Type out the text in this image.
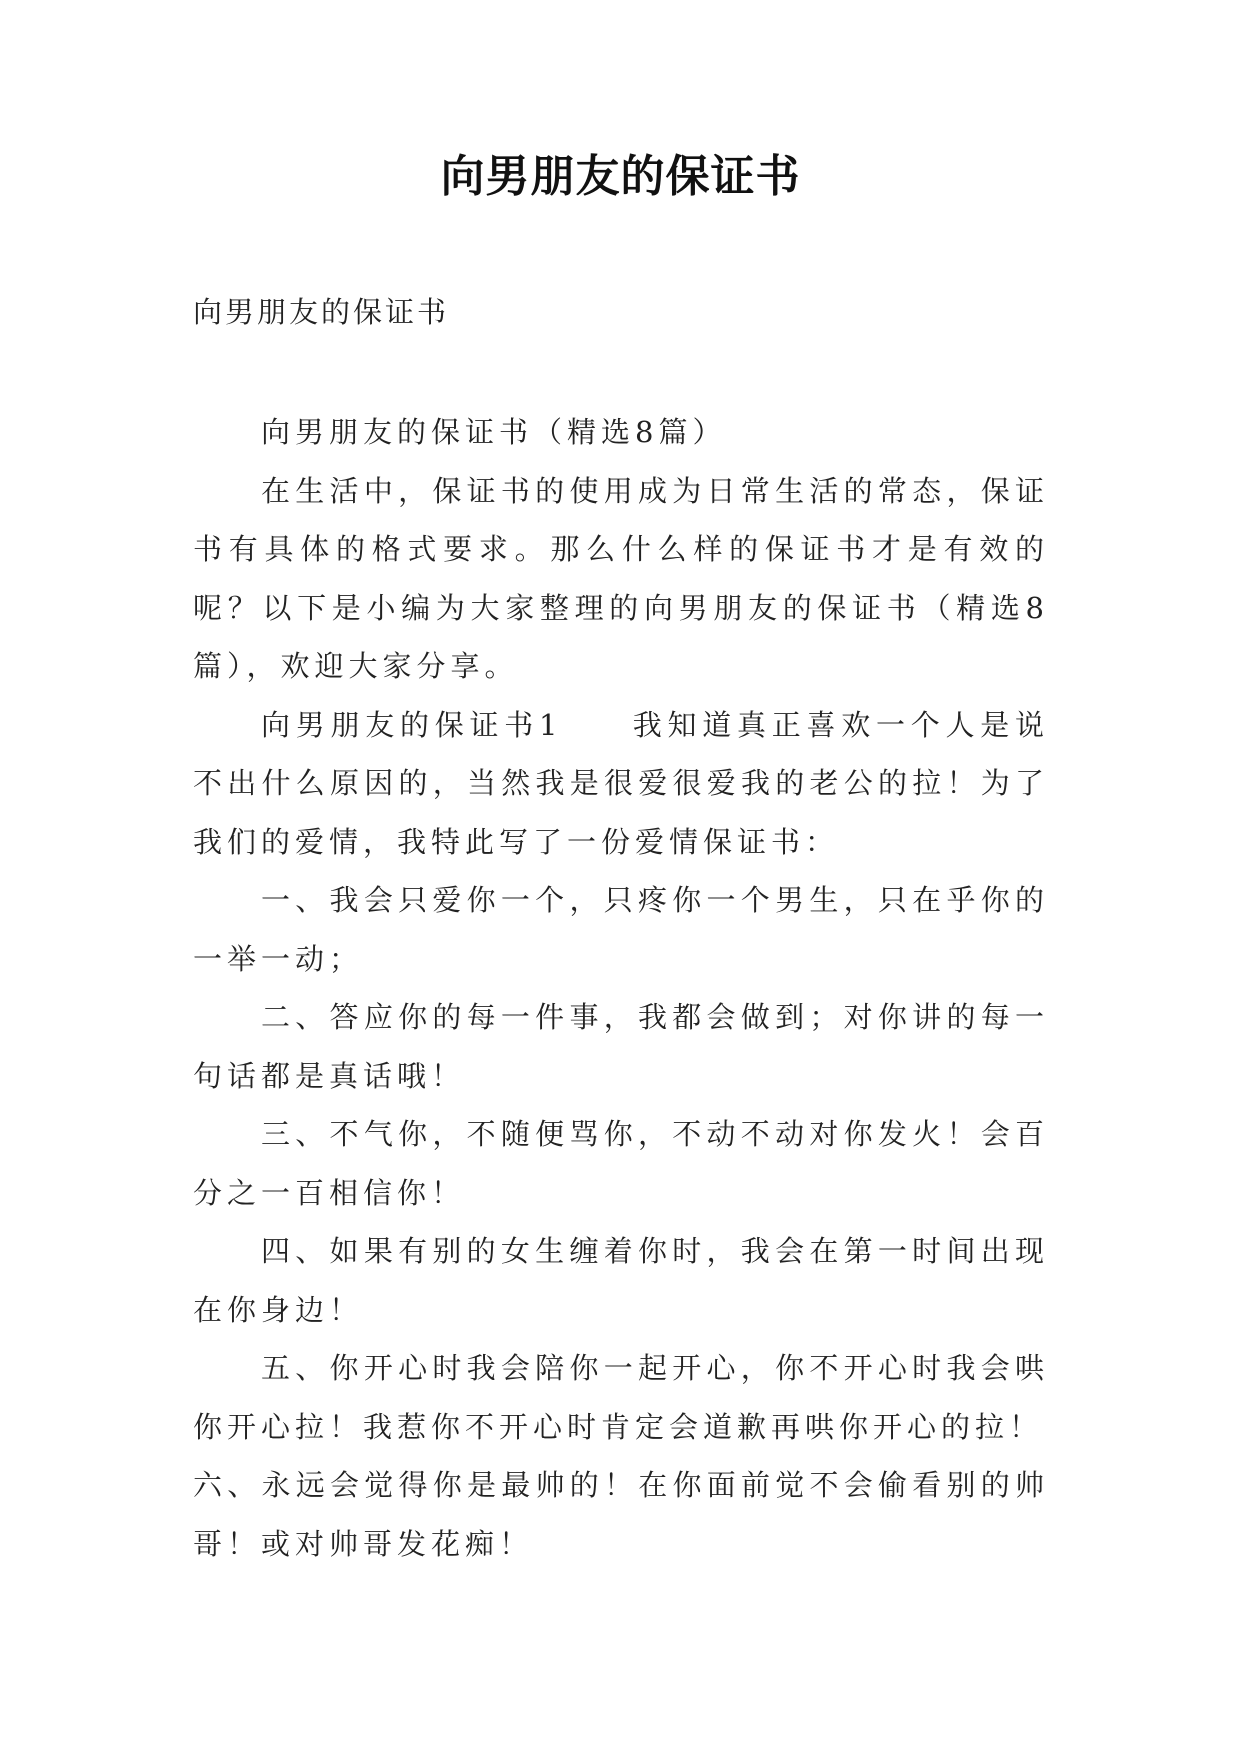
向男朋友的保证书
向男朋友的保证书

向男朋友的保证书（精选8篇）

在生活中，保证书的使用成为日常生活的常态，保证书有具体的格式要求。那么什么样的保证书才是有效的呢？以下是小编为大家整理的向男朋友的保证书（精选8篇），欢迎大家分享。

向男朋友的保证书1　　我知道真正喜欢一个人是说不出什么原因的，当然我是很爱很爱我的老公的拉！为了我们的爱情，我特此写了一份爱情保证书：

一、我会只爱你一个，只疼你一个男生，只在乎你的一举一动；

二、答应你的每一件事，我都会做到；对你讲的每一句话都是真话哦！

三、不气你，不随便骂你，不动不动对你发火！会百分之一百相信你！

四、如果有别的女生缠着你时，我会在第一时间出现在你身边！

五、你开心时我会陪你一起开心，你不开心时我会哄你开心拉！我惹你不开心时肯定会道歉再哄你开心的拉！

六、永远会觉得你是最帅的！在你面前觉不会偷看别的帅哥！或对帅哥发花痴！
